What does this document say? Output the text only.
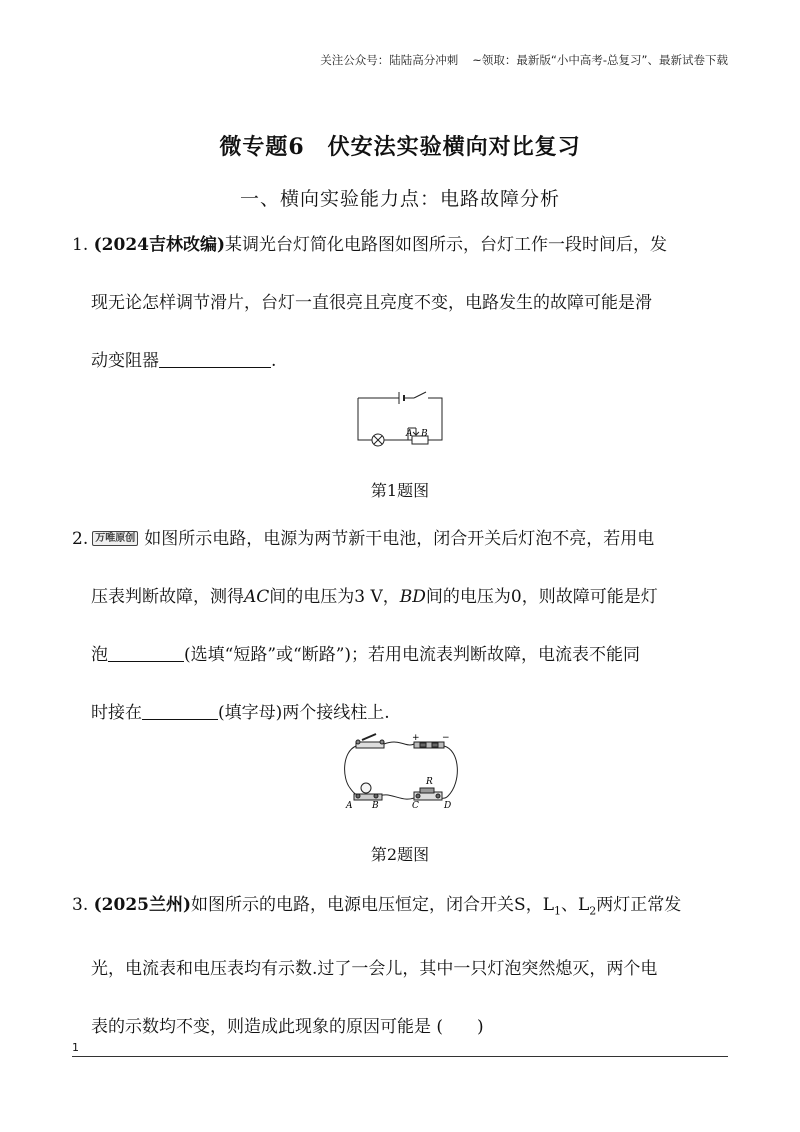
关注公众号：陆陆高分冲刺 ~领取：最新版“小中高考-总复习”、最新试卷下载
微专题6　伏安法实验横向对比复习
一、横向实验能力点：电路故障分析
1. (2024吉林改编)某调光台灯简化电路图如图所示，台灯工作一段时间后，发
现无论怎样调节滑片，台灯一直很亮且亮度不变，电路发生的故障可能是滑
动变阻器	.
A B
第1题图
2. 万唯原创 如图所示电路，电源为两节新干电池，闭合开关后灯泡不亮，若用电
压表判断故障，测得AC间的电压为3 V，BD间的电压为0，则故障可能是灯
泡	(选填“短路”或“断路”)；若用电流表判断故障，电流表不能同
时接在	(填字母)两个接线柱上.
+ −
R
A B	C	D
第2题图
3. (2025兰州)如图所示的电路，电源电压恒定，闭合开关S，$L_1$、$L_2$两灯正常发
光，电流表和电压表均有示数.过了一会儿，其中一只灯泡突然熄灭，两个电
表的示数均不变，则造成此现象的原因可能是 (　　)
1
